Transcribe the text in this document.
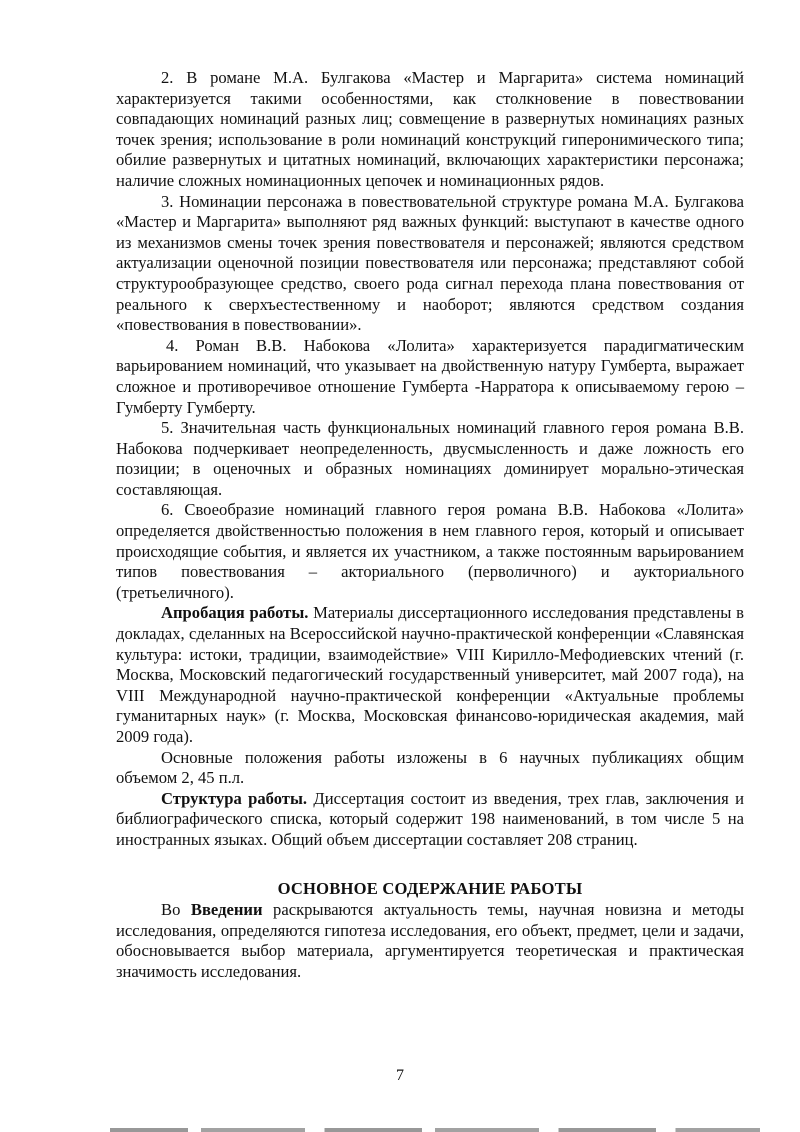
2. В романе М.А. Булгакова «Мастер и Маргарита» система номинаций характеризуется такими особенностями, как столкновение в повествовании совпадающих номинаций разных лиц; совмещение в развернутых номинациях разных точек зрения; использование в роли номинаций конструкций гиперонимического типа; обилие развернутых и цитатных номинаций, включающих характеристики персонажа; наличие сложных номинационных цепочек и номинационных рядов.

3. Номинации персонажа в повествовательной структуре романа М.А. Булгакова «Мастер и Маргарита» выполняют ряд важных функций: выступают в качестве одного из механизмов смены точек зрения повествователя и персонажей; являются средством актуализации оценочной позиции повествователя или персонажа; представляют собой структурообразующее средство, своего рода сигнал перехода плана повествования от реального к сверхъестественному и наоборот; являются средством создания «повествования в повествовании».

4. Роман В.В. Набокова «Лолита» характеризуется парадигматическим варьированием номинаций, что указывает на двойственную натуру Гумберта, выражает сложное и противоречивое отношение Гумберта -Нарратора к описываемому герою – Гумберту Гумберту.

5. Значительная часть функциональных номинаций главного героя романа В.В. Набокова подчеркивает неопределенность, двусмысленность и даже ложность его позиции; в оценочных и образных номинациях доминирует морально-этическая составляющая.

6. Своеобразие номинаций главного героя романа В.В. Набокова «Лолита» определяется двойственностью положения в нем главного героя, который и описывает происходящие события, и является их участником, а также постоянным варьированием типов повествования – акториального (перволичного) и аукториального (третьеличного).

Апробация работы. Материалы диссертационного исследования представлены в докладах, сделанных на Всероссийской научно-практической конференции «Славянская культура: истоки, традиции, взаимодействие» VIII Кирилло-Мефодиевских чтений (г. Москва, Московский педагогический государственный университет, май 2007 года), на VIII Международной научно-практической конференции «Актуальные проблемы гуманитарных наук» (г. Москва, Московская финансово-юридическая академия, май 2009 года).

Основные положения работы изложены в 6 научных публикациях общим объемом 2, 45 п.л.

Структура работы. Диссертация состоит из введения, трех глав, заключения и библиографического списка, который содержит 198 наименований, в том числе 5 на иностранных языках. Общий объем диссертации составляет 208 страниц.

ОСНОВНОЕ СОДЕРЖАНИЕ РАБОТЫ

Во Введении раскрываются актуальность темы, научная новизна и методы исследования, определяются гипотеза исследования, его объект, предмет, цели и задачи, обосновывается выбор материала, аргументируется теоретическая и практическая значимость исследования.

7
